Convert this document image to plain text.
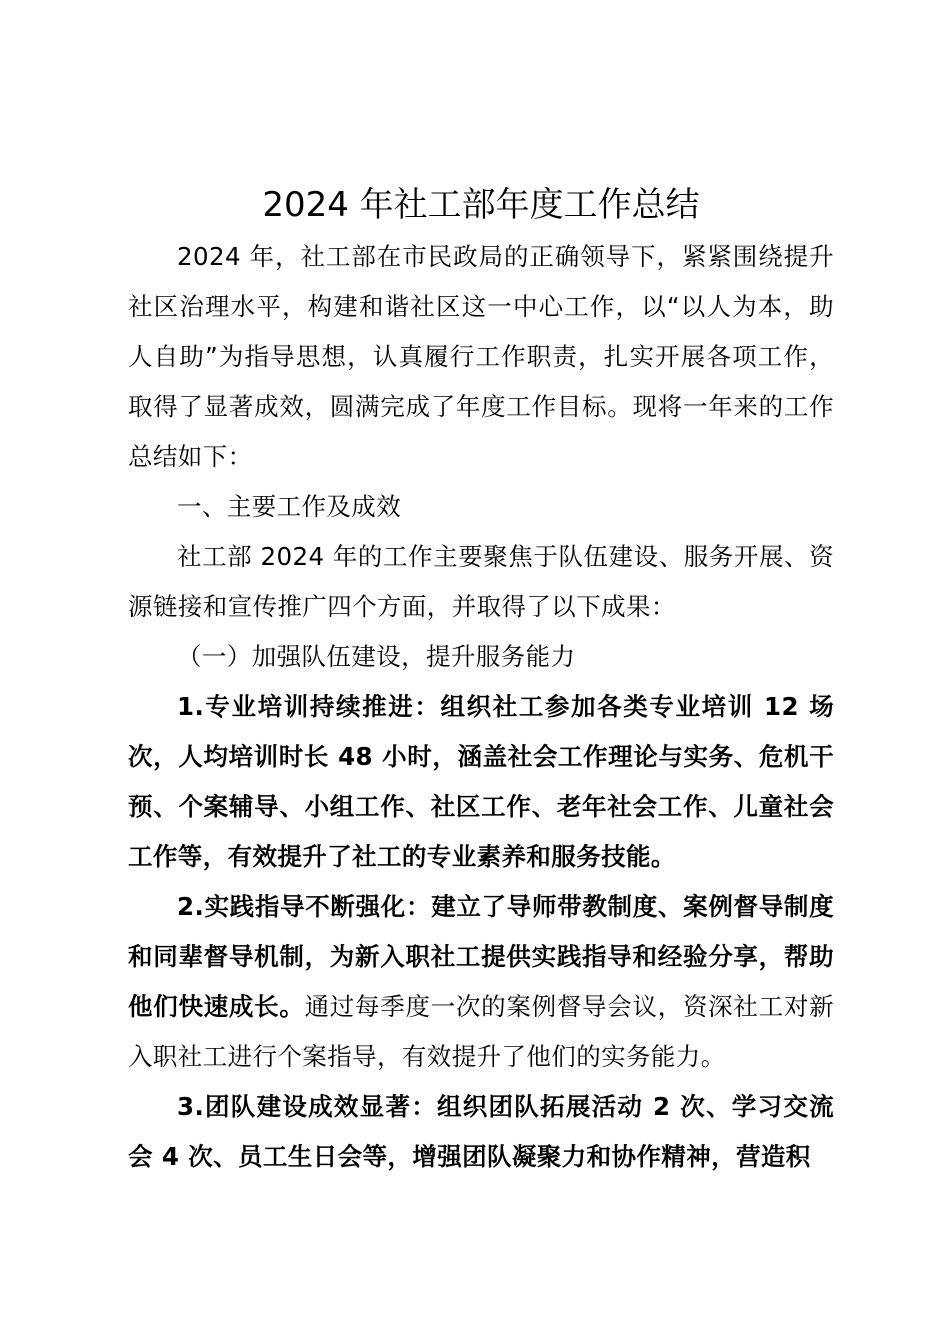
2024 年社工部年度工作总结

2024 年，社工部在市民政局的正确领导下，紧紧围绕提升社区治理水平，构建和谐社区这一中心工作，以“以人为本，助人自助”为指导思想，认真履行工作职责，扎实开展各项工作，取得了显著成效，圆满完成了年度工作目标。现将一年来的工作总结如下：

一、主要工作及成效

社工部 2024 年的工作主要聚焦于队伍建设、服务开展、资源链接和宣传推广四个方面，并取得了以下成果：

（一）加强队伍建设，提升服务能力

1.专业培训持续推进：组织社工参加各类专业培训 12 场次，人均培训时长 48 小时，涵盖社会工作理论与实务、危机干预、个案辅导、小组工作、社区工作、老年社会工作、儿童社会工作等，有效提升了社工的专业素养和服务技能。

2.实践指导不断强化：建立了导师带教制度、案例督导制度和同辈督导机制，为新入职社工提供实践指导和经验分享，帮助他们快速成长。通过每季度一次的案例督导会议，资深社工对新入职社工进行个案指导，有效提升了他们的实务能力。

3.团队建设成效显著：组织团队拓展活动 2 次、学习交流会 4 次、员工生日会等，增强团队凝聚力和协作精神，营造积
